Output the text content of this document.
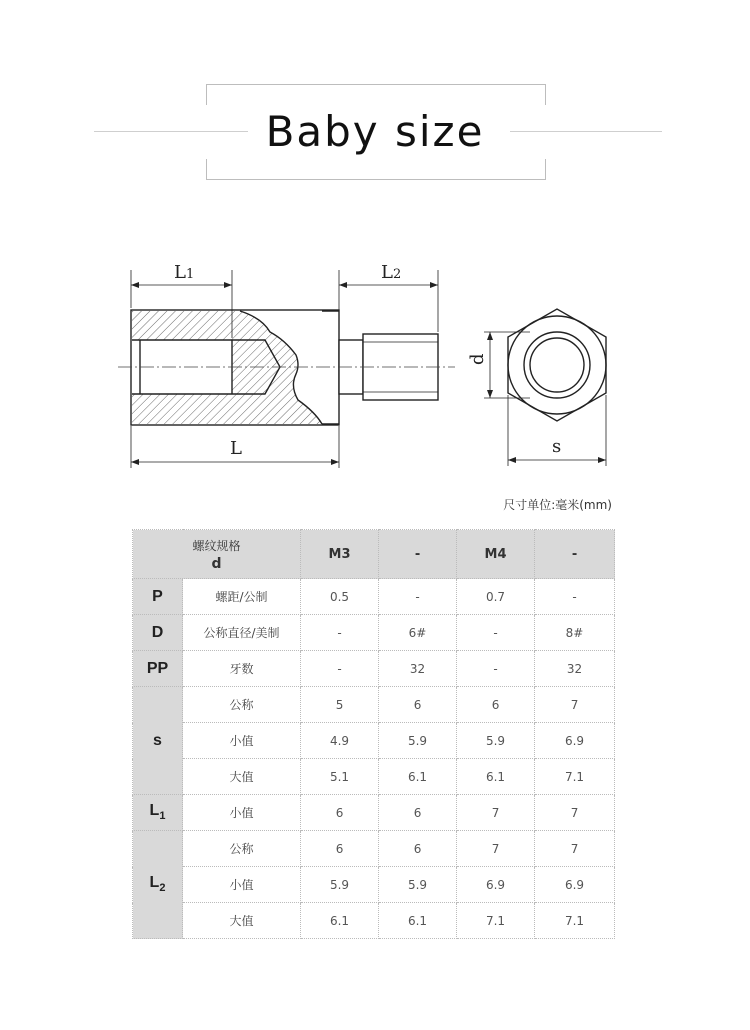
Baby size
L1	L2
L
d
s
尺寸单位:毫米(mm)
螺纹规格
d		M3	-	M4	-
P	螺距/公制	0.5	-	0.7	-
D	公称直径/美制	-	6#	-	8#
PP	牙数	-	32	-	32
s	公称	5	6	6	7
	小值	4.9	5.9	5.9	6.9
	大值	5.1	6.1	6.1	7.1
$L_1$	小值	6	6	7	7
$L_2$	公称	6	6	7	7
	小值	5.9	5.9	6.9	6.9
	大值	6.1	6.1	7.1	7.1
